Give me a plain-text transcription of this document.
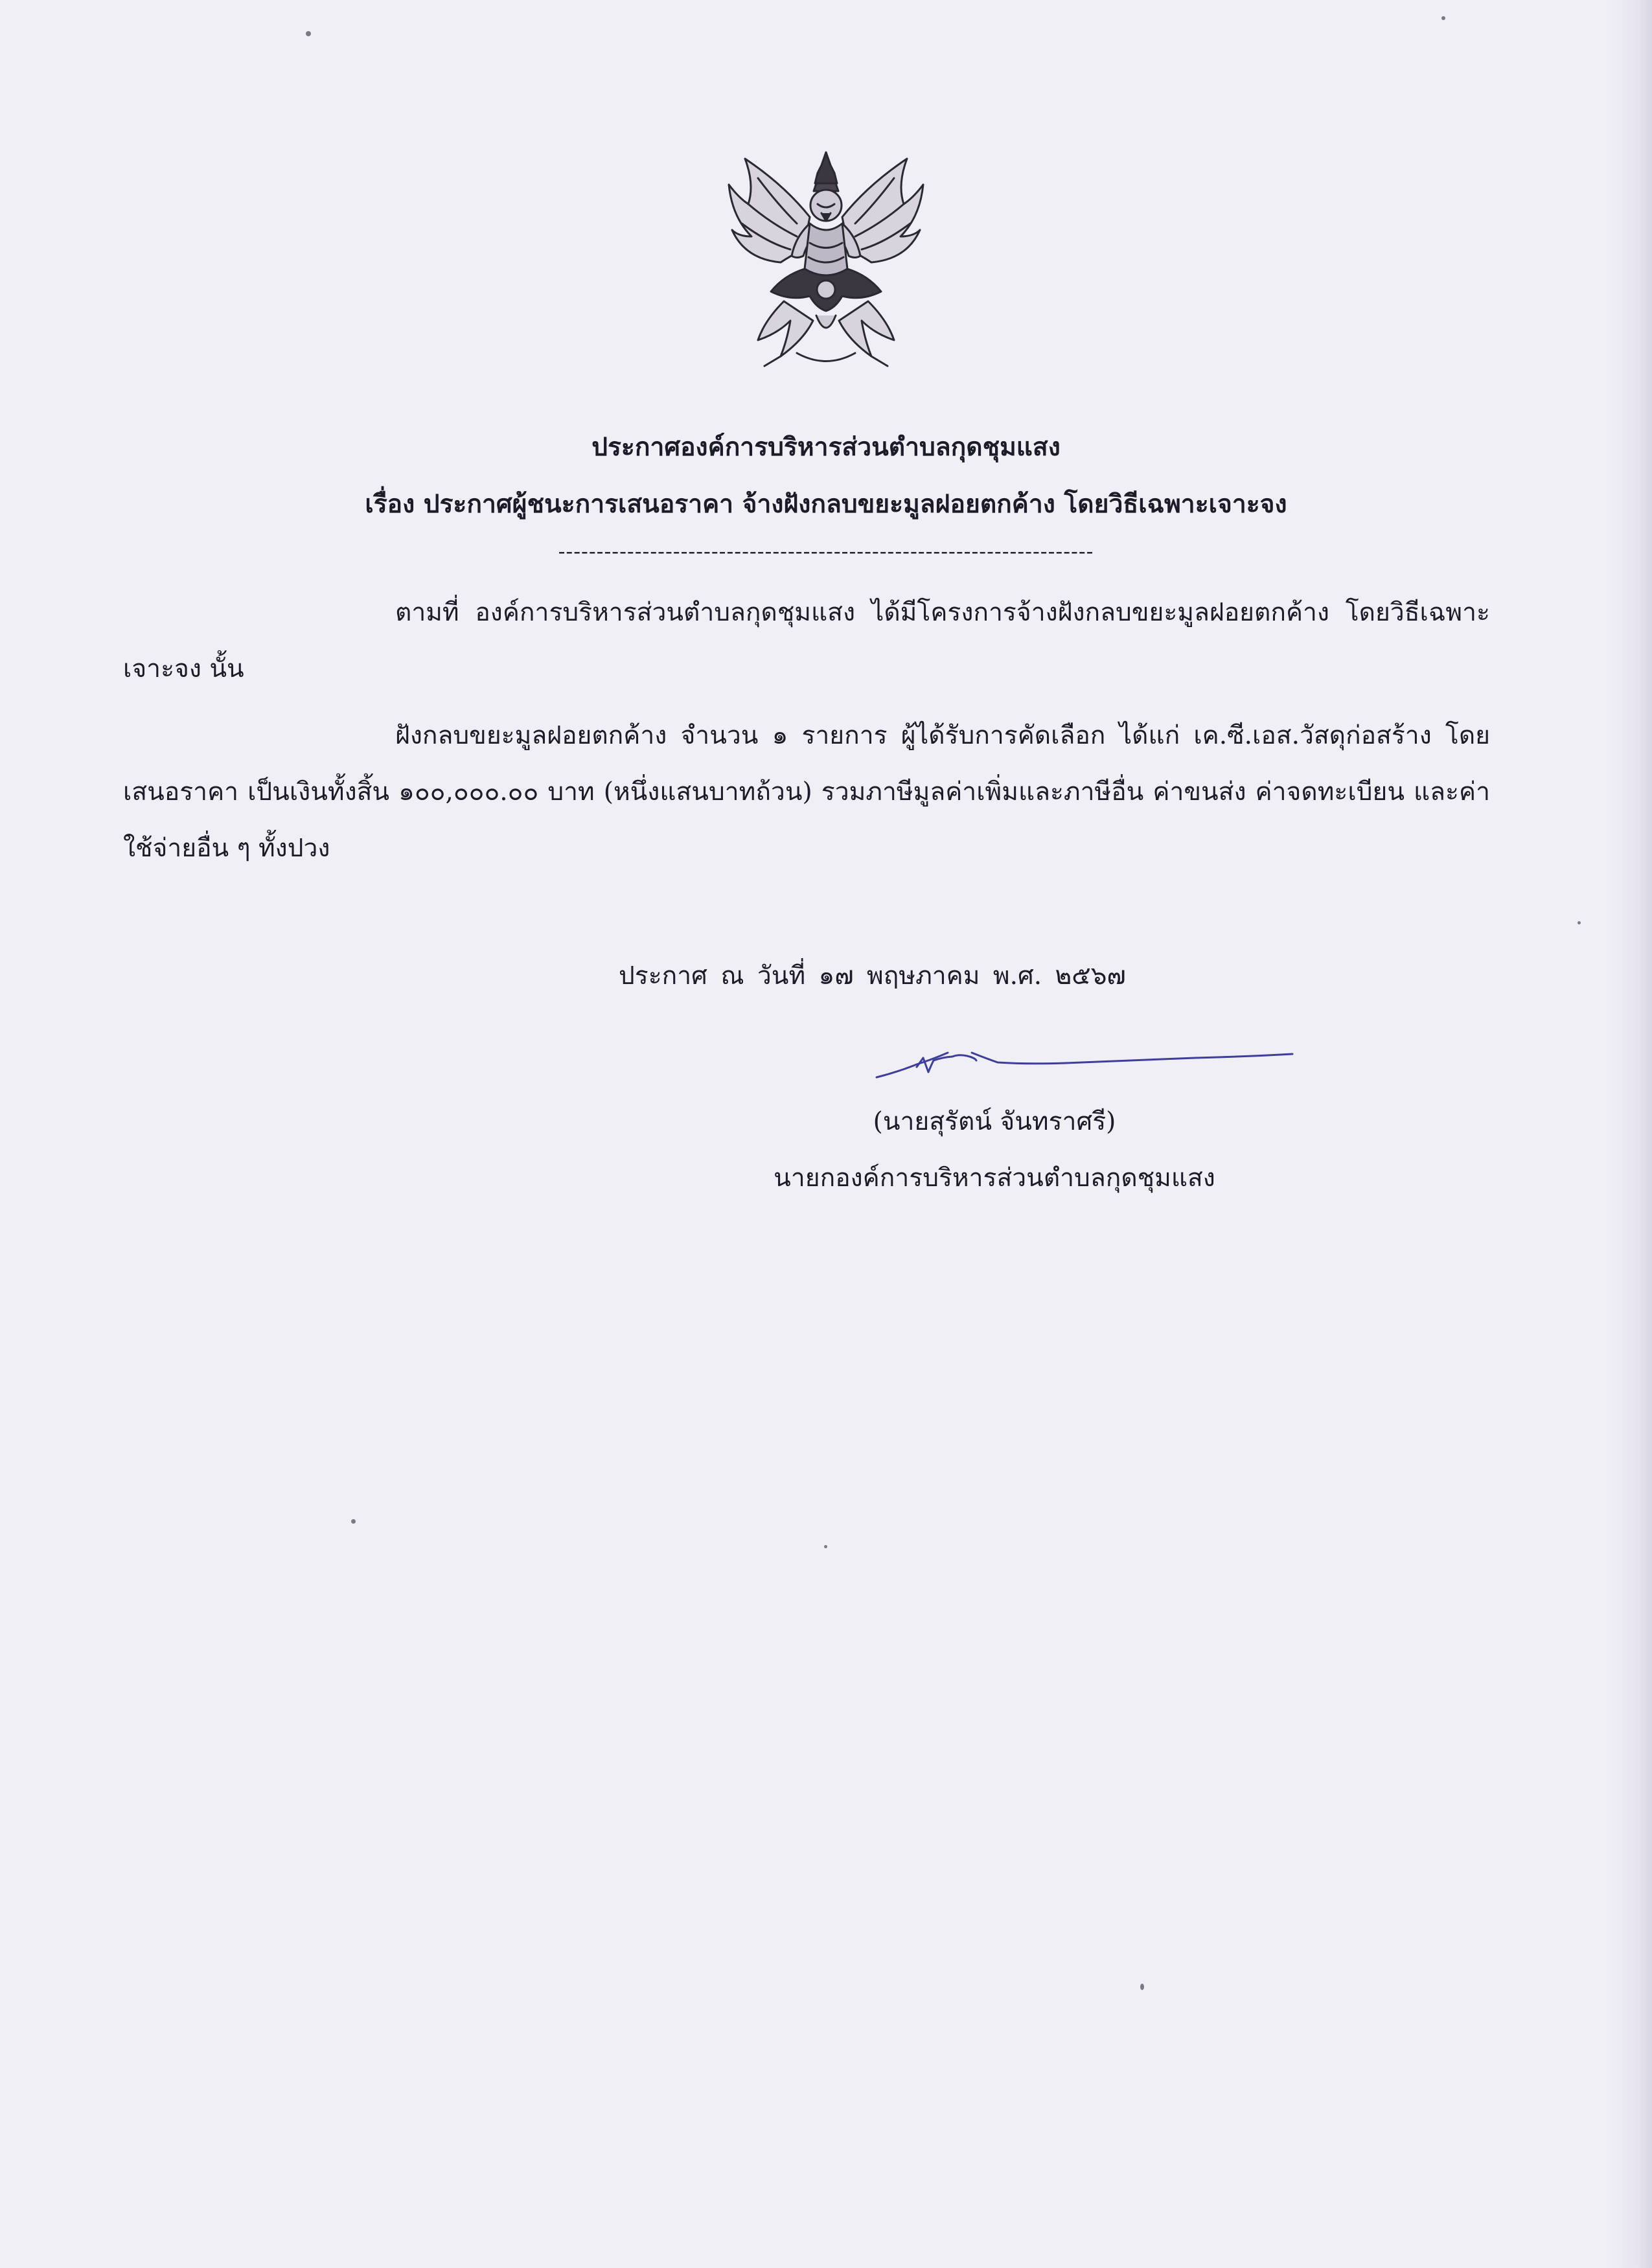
ประกาศองค์การบริหารส่วนตำบลกุดชุมแสง
เรื่อง ประกาศผู้ชนะการเสนอราคา จ้างฝังกลบขยะมูลฝอยตกค้าง โดยวิธีเฉพาะเจาะจง
----------------------------------------------------------------------

ตามที่ องค์การบริหารส่วนตำบลกุดชุมแสง ได้มีโครงการจ้างฝังกลบขยะมูลฝอยตกค้าง โดยวิธีเฉพาะเจาะจง นั้น

ฝังกลบขยะมูลฝอยตกค้าง จำนวน ๑ รายการ ผู้ได้รับการคัดเลือก ได้แก่ เค.ซี.เอส.วัสดุก่อสร้าง โดยเสนอราคา เป็นเงินทั้งสิ้น ๑๐๐,๐๐๐.๐๐ บาท (หนึ่งแสนบาทถ้วน) รวมภาษีมูลค่าเพิ่มและภาษีอื่น ค่าขนส่ง ค่าจดทะเบียน และค่าใช้จ่ายอื่น ๆ ทั้งปวง

ประกาศ ณ วันที่ ๑๗ พฤษภาคม พ.ศ. ๒๕๖๗
(นายสุรัตน์ จันทราศรี)
นายกองค์การบริหารส่วนตำบลกุดชุมแสง
